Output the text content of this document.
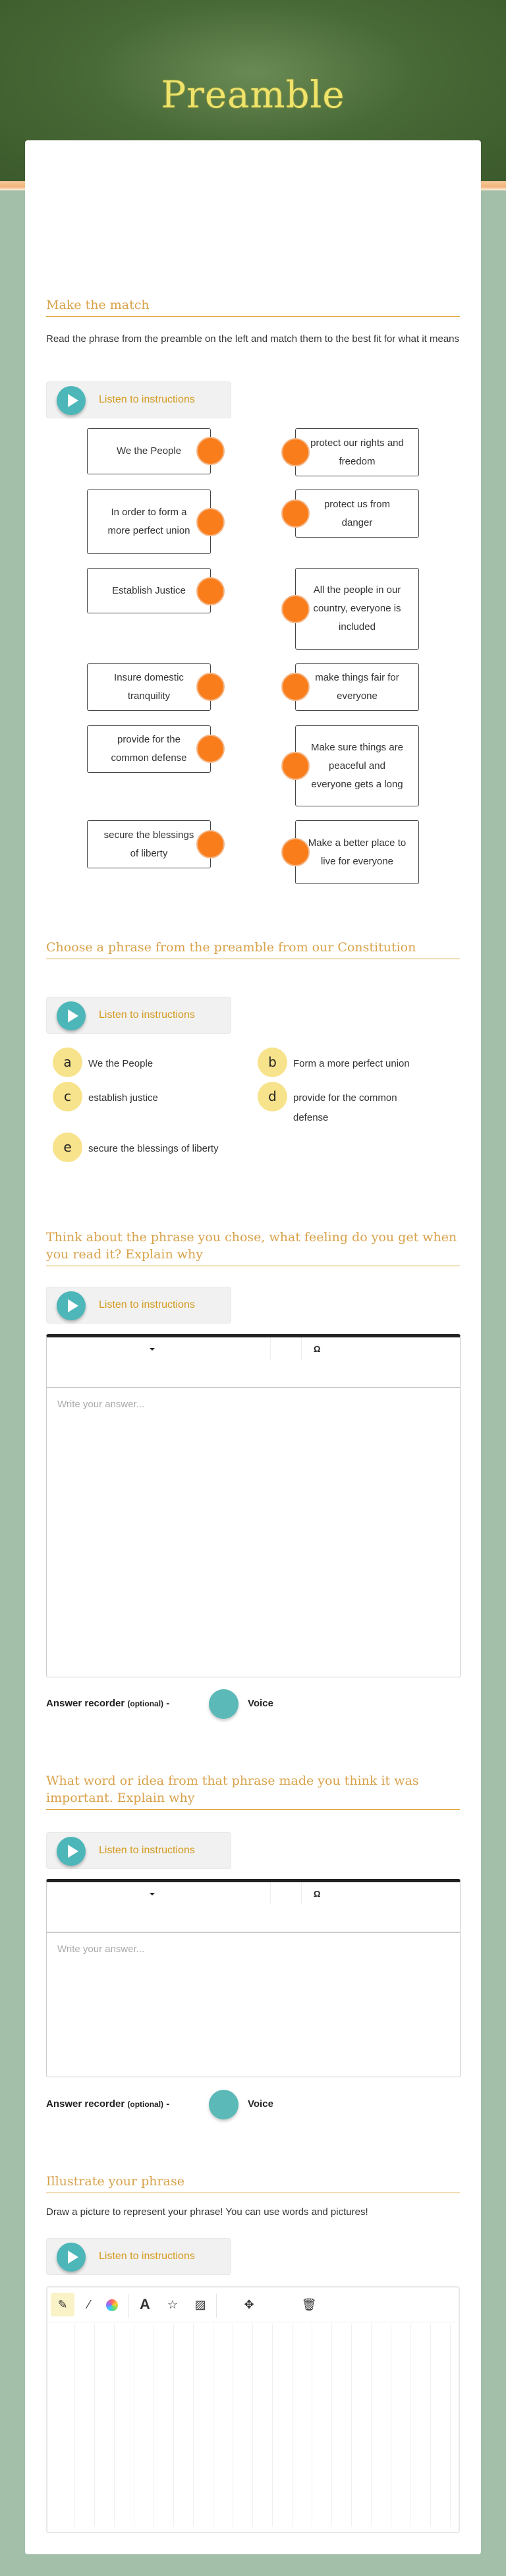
Preamble
Make the match
Read the phrase from the preamble on the left and match them to the best fit for what it means
Listen to instructions
We the People
In order to form a more perfect union
Establish Justice
Insure domestic tranquility
provide for the common defense
secure the blessings of liberty
protect our rights and freedom
protect us from danger
All the people in our country, everyone is included
make things fair for everyone
Make sure things are peaceful and everyone gets a long
Make a better place to live for everyone
Choose a phrase from the preamble from our Constitution
Listen to instructions
a	We the People	b	Form a more perfect union
c	establish justice	d	provide for the common defense
e	secure the blessings of liberty
Think about the phrase you chose, what feeling do you get when you read it? Explain why
Listen to instructions
Ω
Write your answer...
Answer recorder (optional) -	Voice
What word or idea from that phrase made you think it was important. Explain why
Listen to instructions
Ω
Write your answer...
Answer recorder (optional) -	Voice
Illustrate your phrase
Draw a picture to represent your phrase! You can use words and pictures!
Listen to instructions
✎	⁄	A	☆	▨	✥	🗑
